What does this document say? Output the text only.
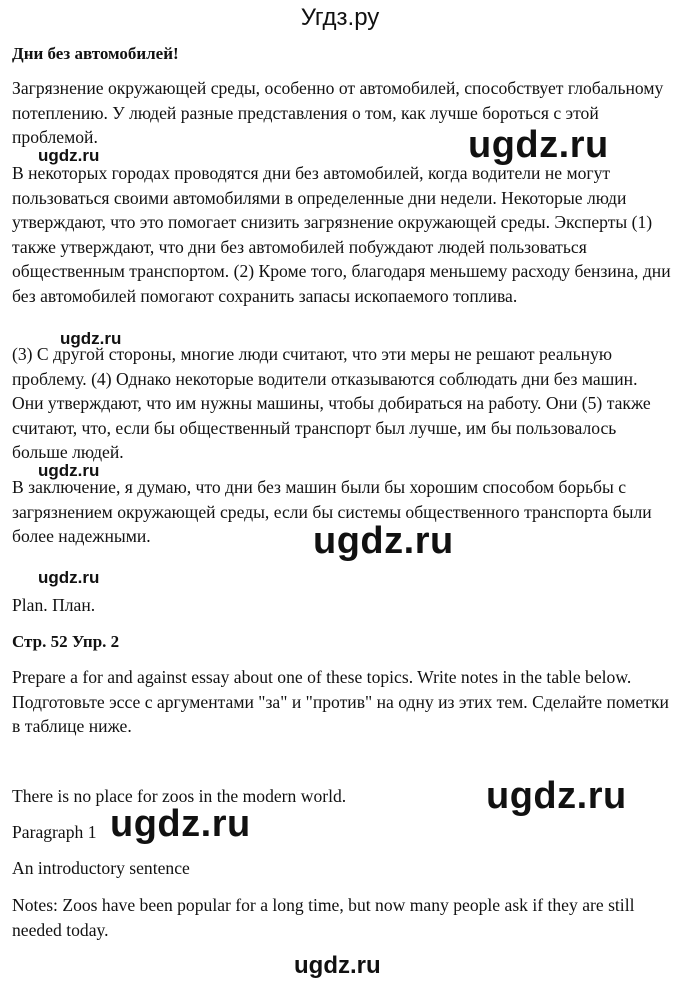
Угдз.ру
Дни без автомобилей!

Загрязнение окружающей среды, особенно от автомобилей, способствует глобальному потеплению. У людей разные представления о том, как лучше бороться с этой проблемой.

В некоторых городах проводятся дни без автомобилей, когда водители не могут пользоваться своими автомобилями в определенные дни недели. Некоторые люди утверждают, что это помогает снизить загрязнение окружающей среды. Эксперты (1) также утверждают, что дни без автомобилей побуждают людей пользоваться общественным транспортом. (2) Кроме того, благодаря меньшему расходу бензина, дни без автомобилей помогают сохранить запасы ископаемого топлива.

(3) С другой стороны, многие люди считают, что эти меры не решают реальную проблему. (4) Однако некоторые водители отказываются соблюдать дни без машин. Они утверждают, что им нужны машины, чтобы добираться на работу. Они (5) также считают, что, если бы общественный транспорт был лучше, им бы пользовалось больше людей.

В заключение, я думаю, что дни без машин были бы хорошим способом борьбы с загрязнением окружающей среды, если бы системы общественного транспорта были более надежными.

Plan. План.
Стр. 52 Упр. 2

Prepare a for and against essay about one of these topics. Write notes in the table below. Подготовьте эссе с аргументами "за" и "против" на одну из этих тем. Сделайте пометки в таблице ниже.

There is no place for zoos in the modern world.
Paragraph 1
An introductory sentence

Notes: Zoos have been popular for a long time, but now many people ask if they are still needed today.

ugdz.ru	ugdz.ru
ugdz.ru
ugdz.ru
ugdz.ru
ugdz.ru
ugdz.ru
ugdz.ru
ugdz.ru
